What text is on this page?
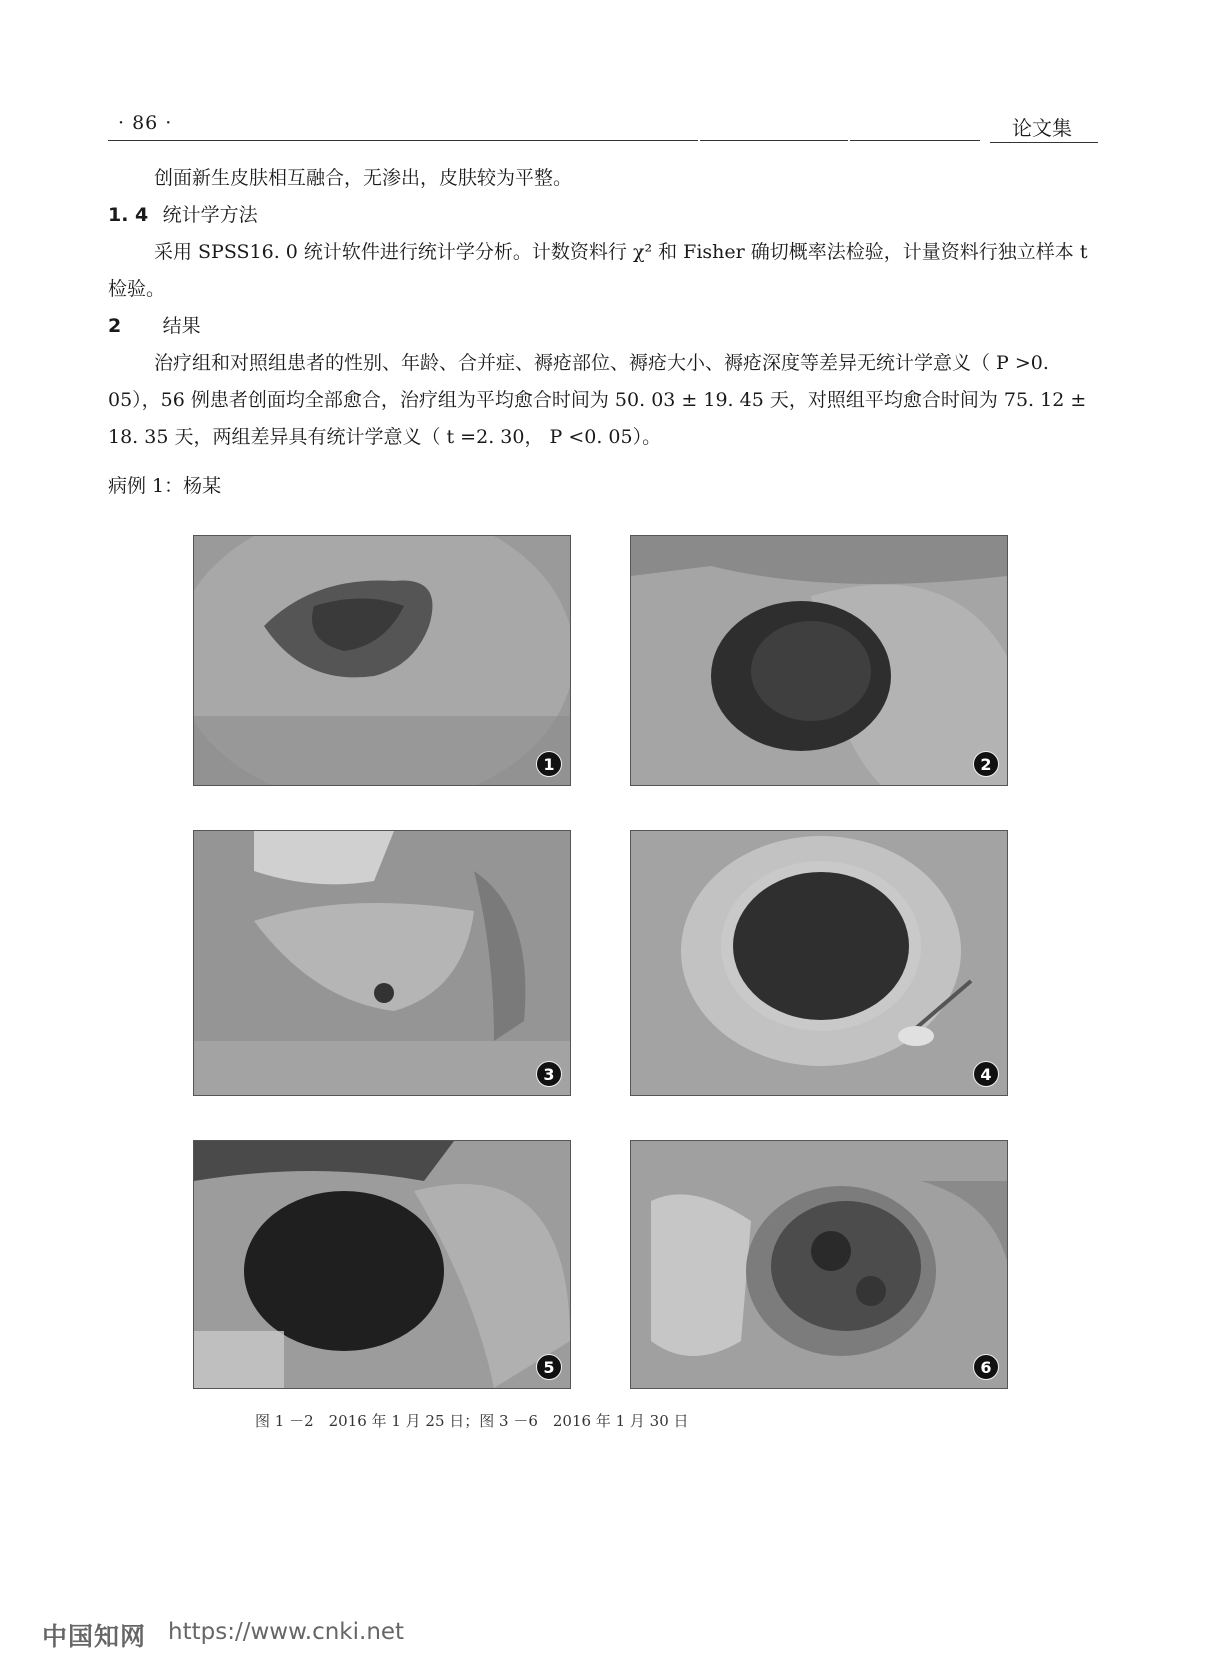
· 86 ·	论文集
创面新生皮肤相互融合，无渗出，皮肤较为平整。
1. 4 统计学方法
采用 SPSS16. 0 统计软件进行统计学分析。计数资料行 χ² 和 Fisher 确切概率法检验，计量资料行独立样本 t 检验。
2 结果
治疗组和对照组患者的性别、年龄、合并症、褥疮部位、褥疮大小、褥疮深度等差异无统计学意义（ P >0. 05），56 例患者创面均全部愈合，治疗组为平均愈合时间为 50. 03 ± 19. 45 天，对照组平均愈合时间为 75. 12 ± 18. 35 天，两组差异具有统计学意义（ t =2. 30， P <0. 05）。
病例 1：杨某
1	2
3	4
5	6
图 1 －2　2016 年 1 月 25 日；图 3 －6　2016 年 1 月 30 日
中国知网 https://www.cnki.net
